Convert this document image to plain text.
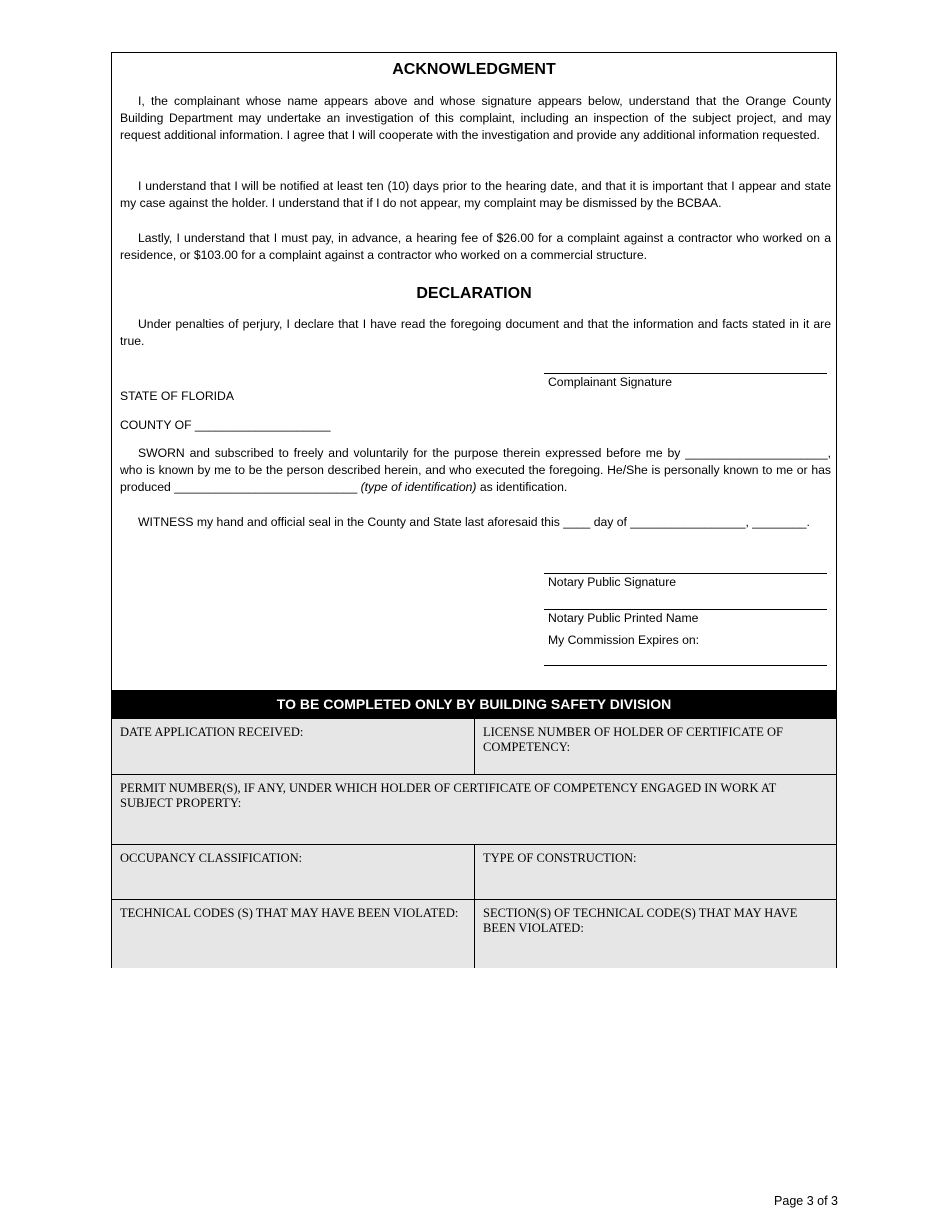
ACKNOWLEDGMENT

I, the complainant whose name appears above and whose signature appears below, understand that the Orange County Building Department may undertake an investigation of this complaint, including an inspection of the subject project, and may request additional information. I agree that I will cooperate with the investigation and provide any additional information requested.

I understand that I will be notified at least ten (10) days prior to the hearing date, and that it is important that I appear and state my case against the holder. I understand that if I do not appear, my complaint may be dismissed by the BCBAA.

Lastly, I understand that I must pay, in advance, a hearing fee of $26.00 for a complaint against a contractor who worked on a residence, or $103.00 for a complaint against a contractor who worked on a commercial structure.

DECLARATION

Under penalties of perjury, I declare that I have read the foregoing document and that the information and facts stated in it are true.

Complainant Signature
STATE OF FLORIDA
COUNTY OF ____________________

SWORN and subscribed to freely and voluntarily for the purpose therein expressed before me by _____________________, who is known by me to be the person described herein, and who executed the foregoing. He/She is personally known to me or has produced ___________________________ (type of identification) as identification.

WITNESS my hand and official seal in the County and State last aforesaid this ____ day of _________________, ________.

Notary Public Signature
Notary Public Printed Name
My Commission Expires on:
TO BE COMPLETED ONLY BY BUILDING SAFETY DIVISION
DATE APPLICATION RECEIVED:	LICENSE NUMBER OF HOLDER OF CERTIFICATE OF COMPETENCY:
PERMIT NUMBER(S), IF ANY, UNDER WHICH HOLDER OF CERTIFICATE OF COMPETENCY ENGAGED IN WORK AT SUBJECT PROPERTY:
OCCUPANCY CLASSIFICATION:	TYPE OF CONSTRUCTION:
TECHNICAL CODES (S) THAT MAY HAVE BEEN VIOLATED:	SECTION(S) OF TECHNICAL CODE(S) THAT MAY HAVE BEEN VIOLATED:
Page 3 of 3
